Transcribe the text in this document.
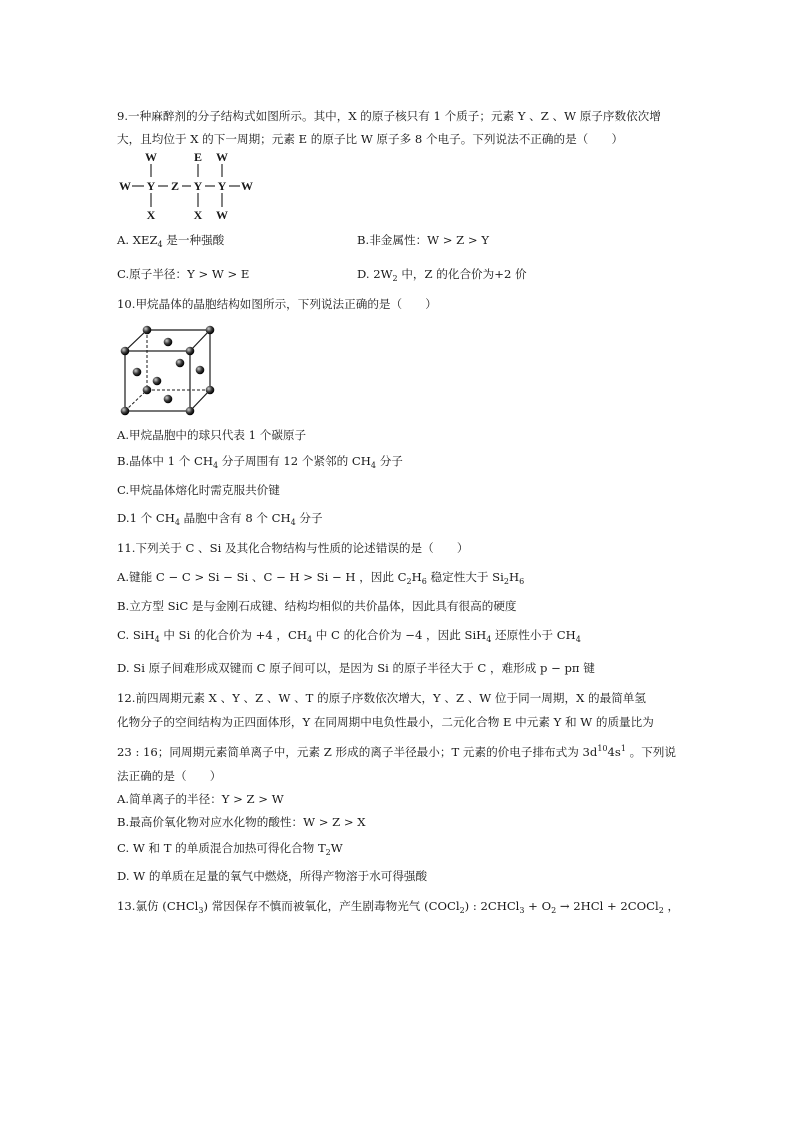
9.一种麻醉剂的分子结构式如图所示。其中，X 的原子核只有 1 个质子；元素 Y 、Z 、W 原子序数依次增
大，且均位于 X 的下一周期；元素 E 的原子比 W 原子多 8 个电子。下列说法不正确的是（　　）
W	E W
W Y Z Y Y W
X	X W
A. $XEZ_4$ 是一种强酸	B.非金属性：W > Z > Y
C.原子半径：Y > W > E	D. $2W_2$ 中，Z 的化合价为+2 价
10.甲烷晶体的晶胞结构如图所示，下列说法正确的是（　　）
A.甲烷晶胞中的球只代表 1 个碳原子
B.晶体中 1 个 $CH_4$ 分子周围有 12 个紧邻的 $CH_4$ 分子
C.甲烷晶体熔化时需克服共价键
D.1 个 $CH_4$ 晶胞中含有 8 个 $CH_4$ 分子
11.下列关于 C 、Si 及其化合物结构与性质的论述错误的是（　　）
A.键能 C − C > Si − Si 、C − H > Si − H ，因此 $C_2H_6$ 稳定性大于 $Si_2H_6$
B.立方型 SiC 是与金刚石成键、结构均相似的共价晶体，因此具有很高的硬度
C. SiH$_4$ 中 Si 的化合价为 +4 ，$CH_4$ 中 C 的化合价为 −4 ，因此 SiH$_4$ 还原性小于 $CH_4$
D. Si 原子间难形成双键而 C 原子间可以，是因为 Si 的原子半径大于 C ，难形成 p − pπ 键
12.前四周期元素 X 、Y 、Z 、W 、T 的原子序数依次增大，Y 、Z 、W 位于同一周期，X 的最简单氢
化物分子的空间结构为正四面体形，Y 在同周期中电负性最小，二元化合物 E 中元素 Y 和 W 的质量比为
23 : 16；同周期元素简单离子中，元素 Z 形成的离子半径最小；T 元素的价电子排布式为 $3d^{10}4s^1$ 。下列说
法正确的是（　　）
A.简单离子的半径：Y > Z > W
B.最高价氧化物对应水化物的酸性：W > Z > X
C. W 和 T 的单质混合加热可得化合物 $T_2W$
D. W 的单质在足量的氧气中燃烧，所得产物溶于水可得强酸
13.氯仿 (CHCl$_3$) 常因保存不慎而被氧化，产生剧毒物光气 (COCl$_2$) : 2CHCl$_3$ + $O_2 \to 2HCl$ + 2COCl$_2$ ，
